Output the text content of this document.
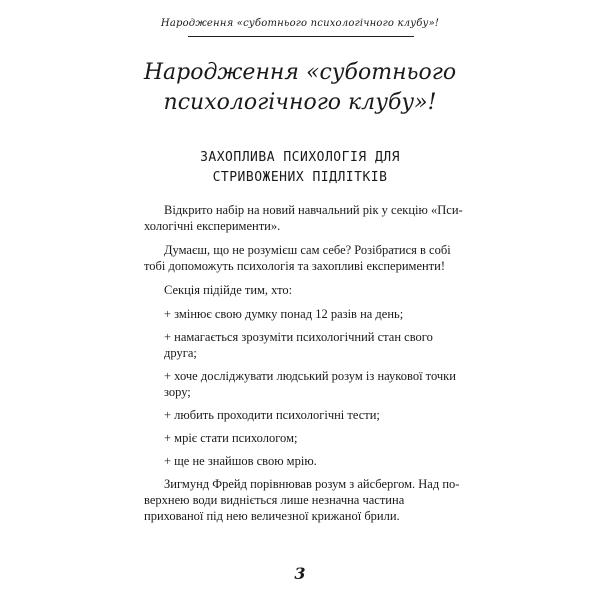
Народження «суботнього психологічного клубу»!
Народження «суботнього
психологічного клубу»!
ЗАХОПЛИВА ПСИХОЛОГІЯ ДЛЯ
СТРИВОЖЕНИХ ПІДЛІТКІВ

Відкрито набір на новий навчальний рік у секцію «Пси-хологічні експерименти».

Думаєш, що не розумієш сам себе? Розібратися в собі тобі допоможуть психологія та захопливі експерименти!

Секція підійде тим, хто:

+ змінює свою думку понад 12 разів на день;
+ намагається зрозуміти психологічний стан свого друга;
+ хоче досліджувати людський розум із наукової точки зору;
+ любить проходити психологічні тести;
+ мріє стати психологом;
+ ще не знайшов свою мрію.

Зигмунд Фрейд порівнював розум з айсбергом. Над по-верхнею води видніється лише незначна частина прихованої під нею величезної крижаної брили.

3
